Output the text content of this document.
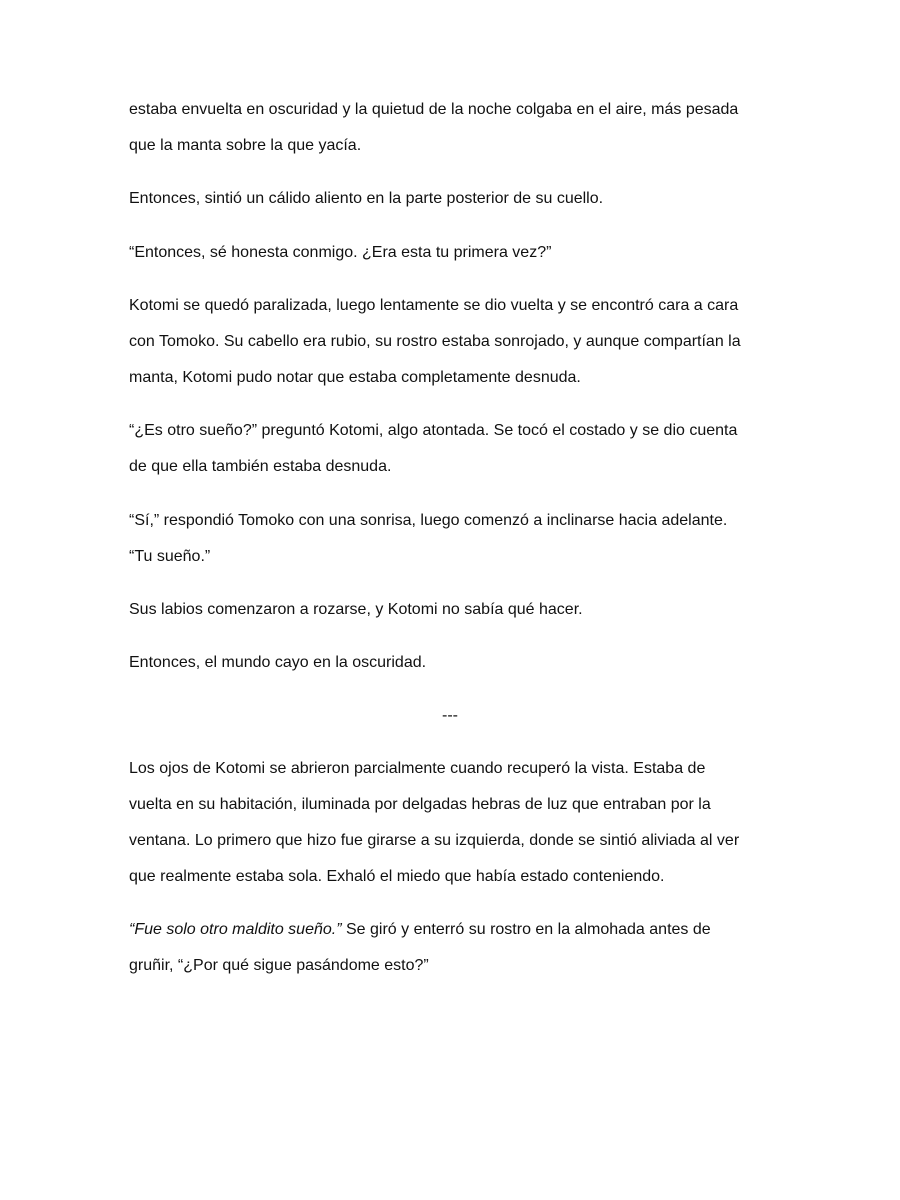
estaba envuelta en oscuridad y la quietud de la noche colgaba en el aire, más pesada
que la manta sobre la que yacía.
Entonces, sintió un cálido aliento en la parte posterior de su cuello.
“Entonces, sé honesta conmigo. ¿Era esta tu primera vez?”
Kotomi se quedó paralizada, luego lentamente se dio vuelta y se encontró cara a cara
con Tomoko. Su cabello era rubio, su rostro estaba sonrojado, y aunque compartían la
manta, Kotomi pudo notar que estaba completamente desnuda.
“¿Es otro sueño?” preguntó Kotomi, algo atontada. Se tocó el costado y se dio cuenta
de que ella también estaba desnuda.
“Sí,” respondió Tomoko con una sonrisa, luego comenzó a inclinarse hacia adelante.
“Tu sueño.”
Sus labios comenzaron a rozarse, y Kotomi no sabía qué hacer.
Entonces, el mundo cayo en la oscuridad.
---
Los ojos de Kotomi se abrieron parcialmente cuando recuperó la vista. Estaba de
vuelta en su habitación, iluminada por delgadas hebras de luz que entraban por la
ventana. Lo primero que hizo fue girarse a su izquierda, donde se sintió aliviada al ver
que realmente estaba sola. Exhaló el miedo que había estado conteniendo.
“Fue solo otro maldito sueño.” Se giró y enterró su rostro en la almohada antes de
gruñir, “¿Por qué sigue pasándome esto?”
